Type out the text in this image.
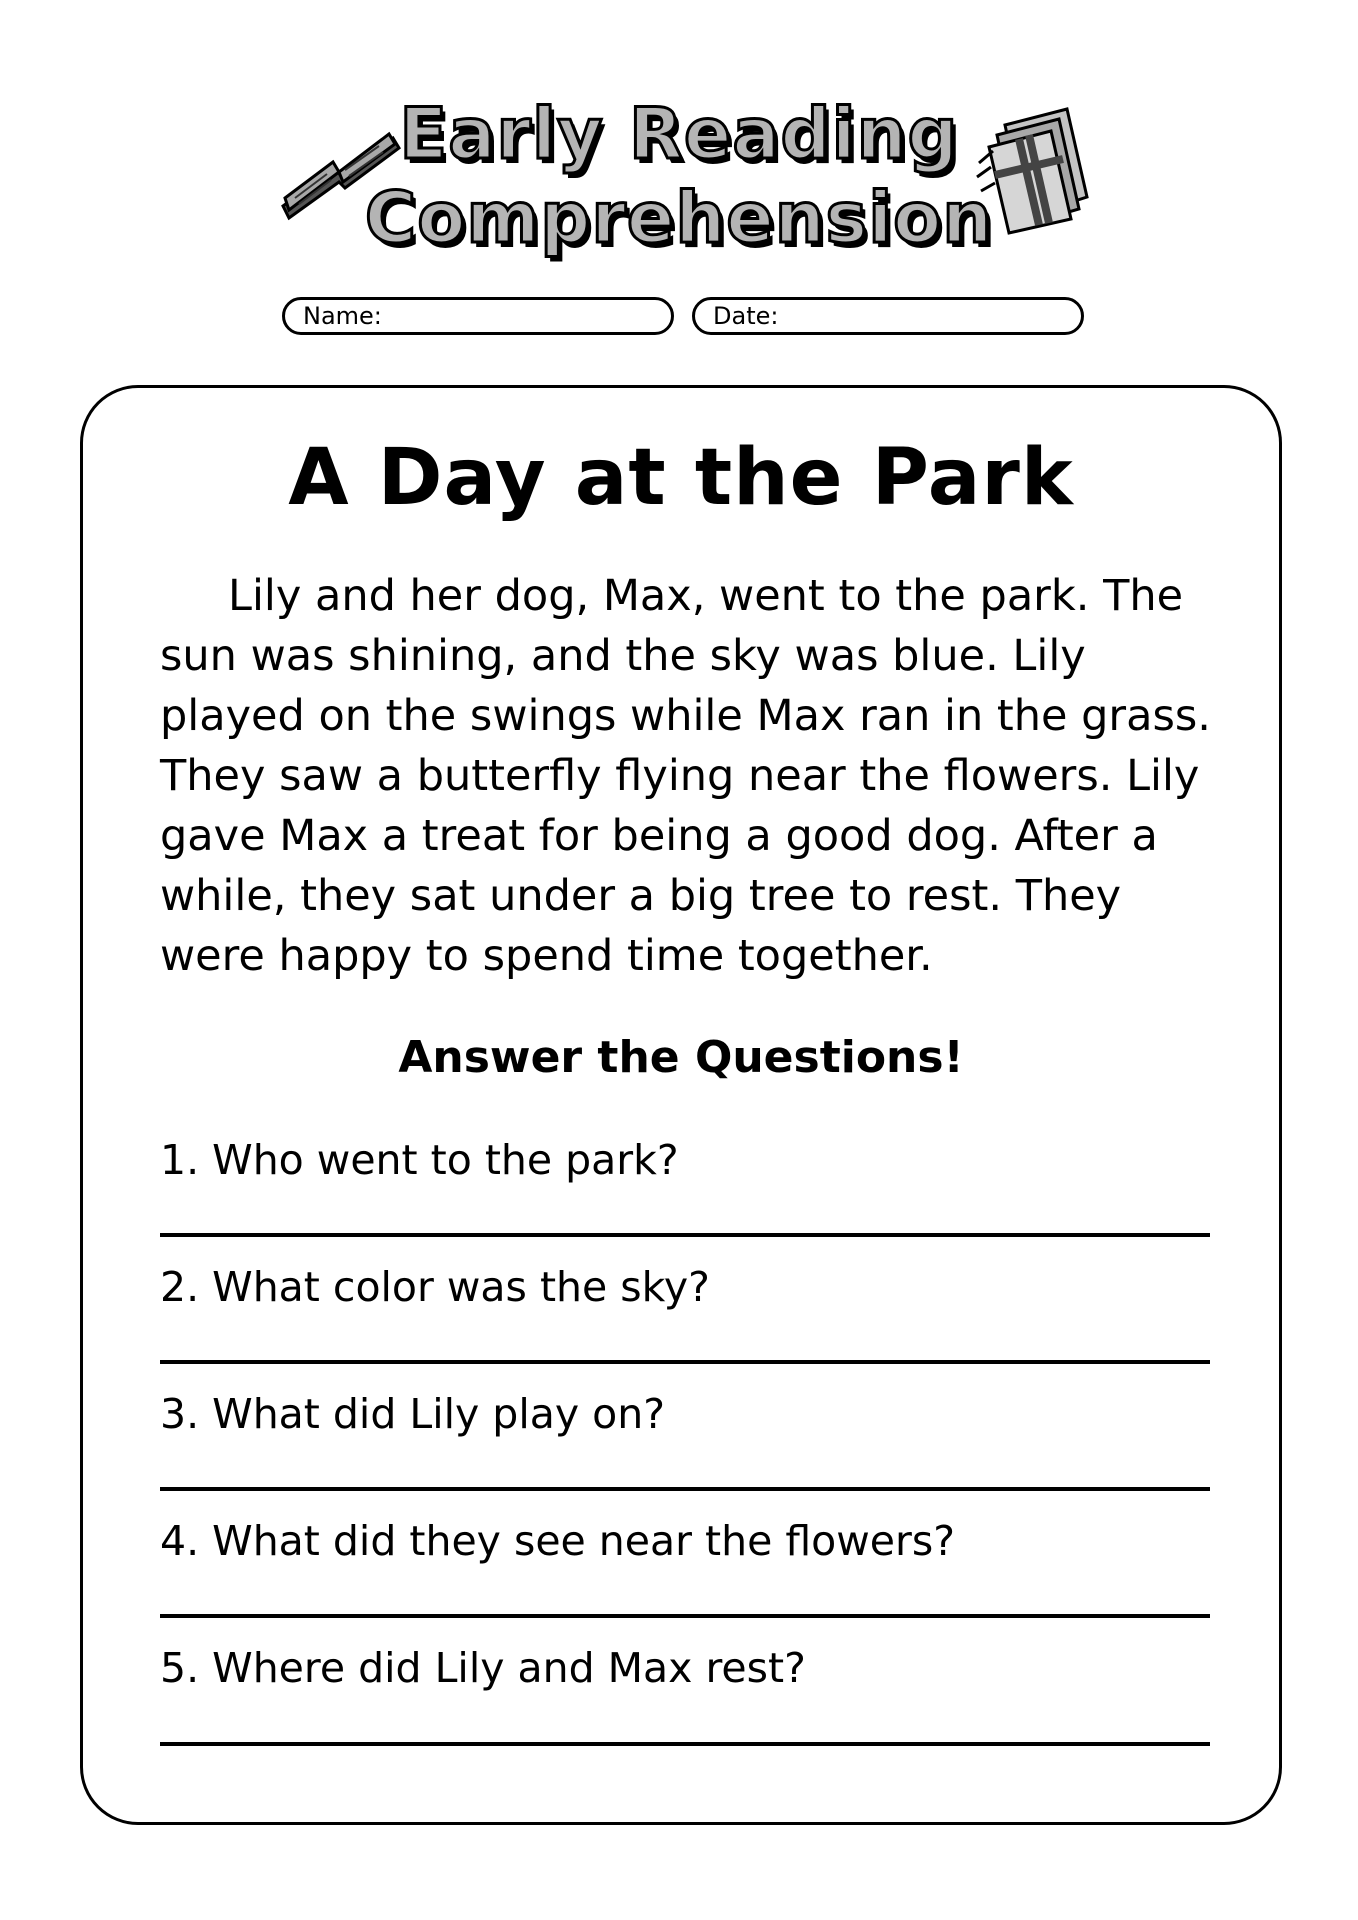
Early Reading
Comprehension
Name:	Date:
A Day at the Park

Lily and her dog, Max, went to the park. The sun was shining, and the sky was blue. Lily played on the swings while Max ran in the grass. They saw a butterfly flying near the flowers. Lily gave Max a treat for being a good dog. After a while, they sat under a big tree to rest. They were happy to spend time together.

Answer the Questions!
1. Who went to the park?
2. What color was the sky?
3. What did Lily play on?
4. What did they see near the flowers?
5. Where did Lily and Max rest?
